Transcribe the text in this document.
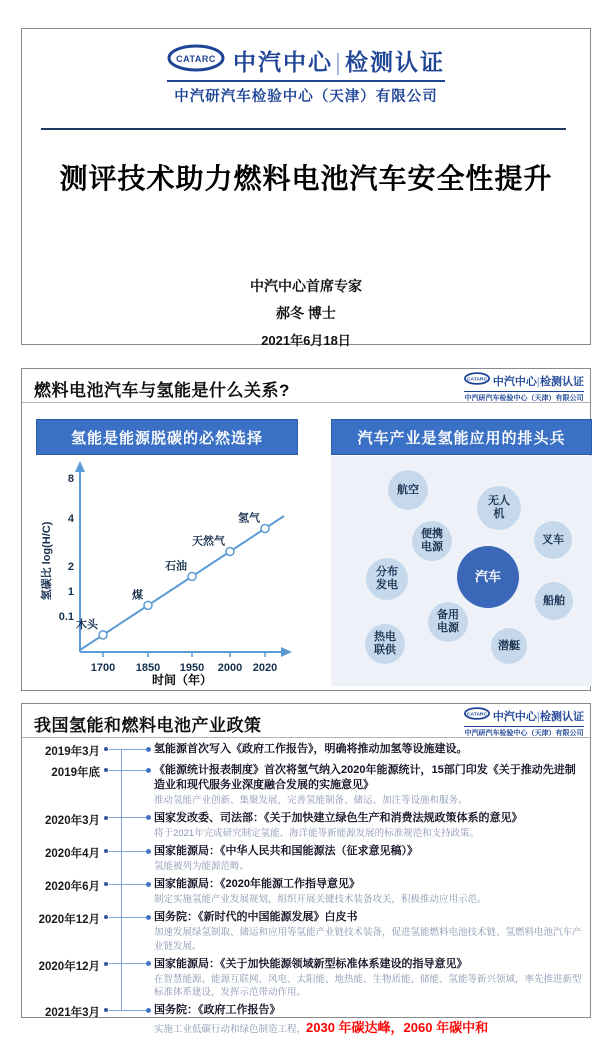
CATARC 中汽中心|检测认证
中汽研汽车检验中心（天津）有限公司
测评技术助力燃料电池汽车安全性提升
中汽中心首席专家
郝冬 博士
2021年6月18日
燃料电池汽车与氢能是什么关系?
CATARC 中汽中心|检测认证
中汽研汽车检验中心（天津）有限公司
氢能是能源脱碳的必然选择	汽车产业是氢能应用的排头兵
8
4
2
1
0.1
1700 1850 1950 2000 2020
木头
煤
石油
天然气
氢气
氢碳比 log(H/C)
时间（年）
航空
无人机
叉车
便携电源
分布发电
船舶
备用电源
潜艇
热电联供
汽车
我国氢能和燃料电池产业政策
CATARC 中汽中心|检测认证
中汽研汽车检验中心（天津）有限公司
2019年3月	氢能源首次写入《政府工作报告》，明确将推动加氢等设施建设。
2019年底	《能源统计报表制度》首次将氢气纳入2020年能源统计，15部门印发《关于推动先进制造业和现代服务业深度融合发展的实施意见》
推动氢能产业创新、集聚发展，完善氢能制备、储运、加注等设施和服务。
2020年3月	国家发改委、司法部：《关于加快建立绿色生产和消费法规政策体系的意见》
将于2021年完成研究制定氢能、海洋能等新能源发展的标准规范和支持政策。
2020年4月	国家能源局：《中华人民共和国能源法（征求意见稿）》
氢能被列为能源范畴。
2020年6月	国家能源局：《2020年能源工作指导意见》
制定实施氢能产业发展规划，组织开展关键技术装备攻关，积极推动应用示范。
2020年12月	国务院：《新时代的中国能源发展》白皮书
加速发展绿氢制取、储运和应用等氢能产业链技术装备，促进氢能燃料电池技术链、氢燃料电池汽车产业链发展。
2020年12月	国家能源局：《关于加快能源领域新型标准体系建设的指导意见》
在智慧能源、能源互联网、风电、太阳能、地热能、生物质能、储能、氢能等新兴领域，率先推进新型标准体系建设，发挥示范带动作用。
2021年3月	国务院：《政府工作报告》
实施工业低碳行动和绿色制造工程，2030 年碳达峰，2060 年碳中和
